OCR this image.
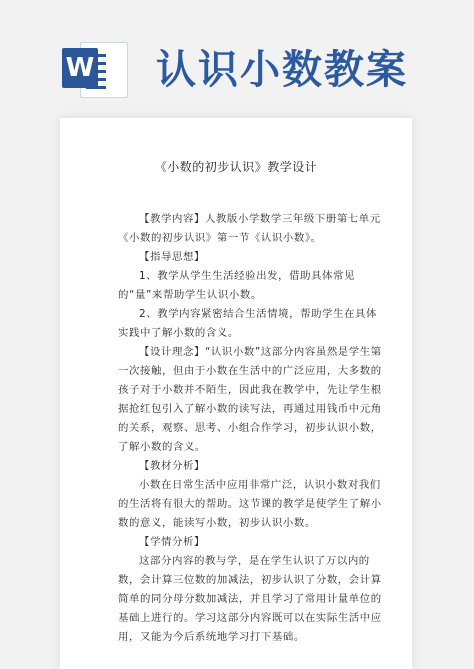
W 认识小数教案
《小数的初步认识》教学设计

【教学内容】人教版小学数学三年级下册第七单元《小数的初步认识》第一节《认识小数》。

【指导思想】

1、教学从学生生活经验出发，借助具体常见的“量”来帮助学生认识小数。

2、教学内容紧密结合生活情境，帮助学生在具体实践中了解小数的含义。

【设计理念】“认识小数”这部分内容虽然是学生第一次接触，但由于小数在生活中的广泛应用，大多数的孩子对于小数并不陌生，因此我在教学中，先让学生根据抢红包引入了解小数的读写法，再通过用钱币中元角的关系，观察、思考、小组合作学习，初步认识小数，了解小数的含义。

【教材分析】

小数在日常生活中应用非常广泛，认识小数对我们的生活将有很大的帮助。这节课的教学是使学生了解小数的意义，能读写小数，初步认识小数。

【学情分析】

这部分内容的教与学，是在学生认识了万以内的数，会计算三位数的加减法，初步认识了分数，会计算简单的同分母分数加减法，并且学习了常用计量单位的基础上进行的。学习这部分内容既可以在实际生活中应用，又能为今后系统地学习打下基础。
